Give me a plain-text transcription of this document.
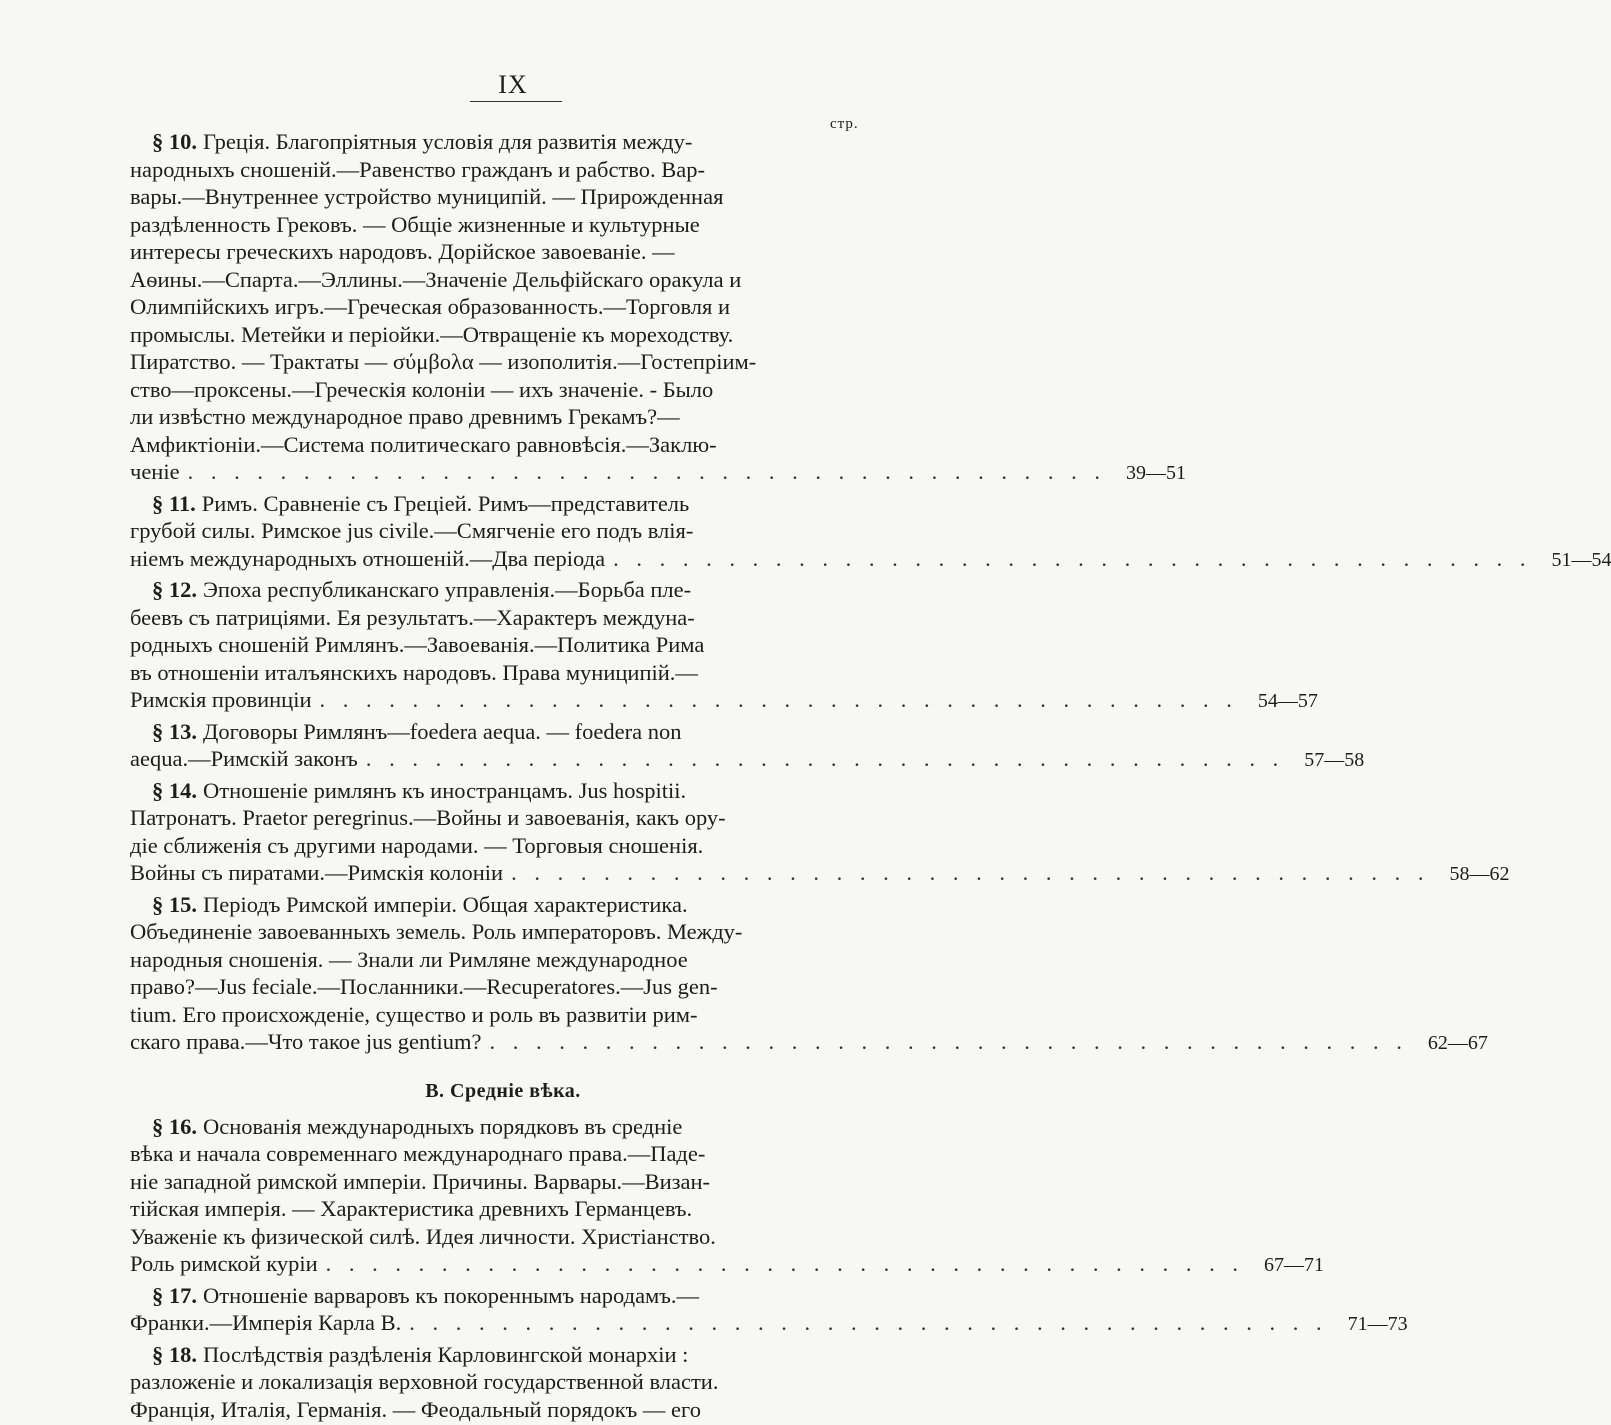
IX
стр.

§ 10. Греція. Благопріятныя условія для развитія между-

народныхъ сношеній.—Равенство гражданъ и рабство. Вар-

вары.—Внутреннее устройство муниципій. — Прирожденная

раздѣленность Грековъ. — Общіе жизненные и культурные

интересы греческихъ народовъ. Дорійское завоеваніе. —

Аѳины.—Спарта.—Эллины.—Значеніе Дельфійскаго оракула и

Олимпійскихъ игръ.—Греческая образованность.—Торговля и

промыслы. Метейки и періойки.—Отвращеніе къ мореходству.

Пиратство. — Трактаты — σύμβολα — изополитія.—Гостепріим-

ство—проксены.—Греческія колоніи — ихъ значеніе. - Было

ли извѣстно международное право древнимъ Грекамъ?—

Амфиктіоніи.—Система политическаго равновѣсія.—Заклю-

ченіе . . . . . . . . . . . . . . . . . . . . . . . . . . . . . . . . . . . . . . . .	39—51

§ 11. Римъ. Сравненіе съ Греціей. Римъ—представитель

грубой силы. Римское jus civile.—Смягченіе его подъ влія-

ніемъ международныхъ отношеній.—Два періода . . . . . . . . . . . . . . . . . . . . . . . . . . . . . . . . . . . . . . . .	51—54

§ 12. Эпоха республиканскаго управленія.—Борьба пле-

беевъ съ патриціями. Ея результатъ.—Характеръ междуна-

родныхъ сношеній Римлянъ.—Завоеванія.—Политика Рима

въ отношеніи италъянскихъ народовъ. Права муниципій.—

Римскія провинціи . . . . . . . . . . . . . . . . . . . . . . . . . . . . . . . . . . . . . . . .	54—57

§ 13. Договоры Римлянъ—foedera aequa. — foedera non

aequa.—Римскій законъ . . . . . . . . . . . . . . . . . . . . . . . . . . . . . . . . . . . . . . . .	57—58

§ 14. Отношеніе римлянъ къ иностранцамъ. Jus hospitii.

Патронатъ. Praetor peregrinus.—Войны и завоеванія, какъ ору-

діе сближенія съ другими народами. — Торговыя сношенія.

Войны съ пиратами.—Римскія колоніи . . . . . . . . . . . . . . . . . . . . . . . . . . . . . . . . . . . . . . . .	58—62

§ 15. Періодъ Римской имперіи. Общая характеристика.

Объединеніе завоеванныхъ земель. Роль императоровъ. Между-

народныя сношенія. — Знали ли Римляне международное

право?—Jus feciale.—Посланники.—Recuperatores.—Jus gen-

tium. Его происхожденіе, существо и роль въ развитіи рим-

скаго права.—Что такое jus gentium? . . . . . . . . . . . . . . . . . . . . . . . . . . . . . . . . . . . . . . . .	62—67
В. Средніе вѣка.

§ 16. Основанія международныхъ порядковъ въ средніе

вѣка и начала современнаго международнаго права.—Паде-

ніе западной римской имперіи. Причины. Варвары.—Визан-

тійская имперія. — Характеристика древнихъ Германцевъ.

Уваженіе къ физической силѣ. Идея личности. Христіанство.

Роль римской куріи . . . . . . . . . . . . . . . . . . . . . . . . . . . . . . . . . . . . . . . .	67—71

§ 17. Отношеніе варваровъ къ покореннымъ народамъ.—

Франки.—Имперія Карла В. . . . . . . . . . . . . . . . . . . . . . . . . . . . . . . . . . . . . . . . .	71—73

§ 18. Послѣдствія раздѣленія Карловингской монархіи :

разложеніе и локализація верховной государственной власти.

Франція, Италія, Германія. — Феодальный порядокъ — его
